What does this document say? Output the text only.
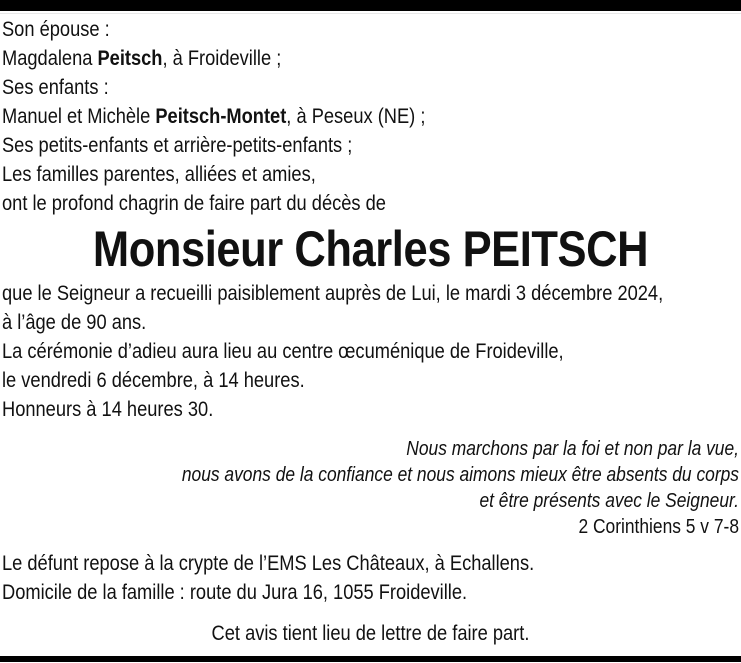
Son épouse :
Magdalena Peitsch, à Froideville ;
Ses enfants :
Manuel et Michèle Peitsch-Montet, à Peseux (NE) ;
Ses petits-enfants et arrière-petits-enfants ;
Les familles parentes, alliées et amies,
ont le profond chagrin de faire part du décès de
Monsieur Charles PEITSCH
que le Seigneur a recueilli paisiblement auprès de Lui, le mardi 3 décembre 2024,
à l’âge de 90 ans.
La cérémonie d’adieu aura lieu au centre œcuménique de Froideville,
le vendredi 6 décembre, à 14 heures.
Honneurs à 14 heures 30.
Nous marchons par la foi et non par la vue,
nous avons de la confiance et nous aimons mieux être absents du corps
et être présents avec le Seigneur.
2 Corinthiens 5 v 7-8
Le défunt repose à la crypte de l’EMS Les Châteaux, à Echallens.
Domicile de la famille : route du Jura 16, 1055 Froideville.
Cet avis tient lieu de lettre de faire part.
